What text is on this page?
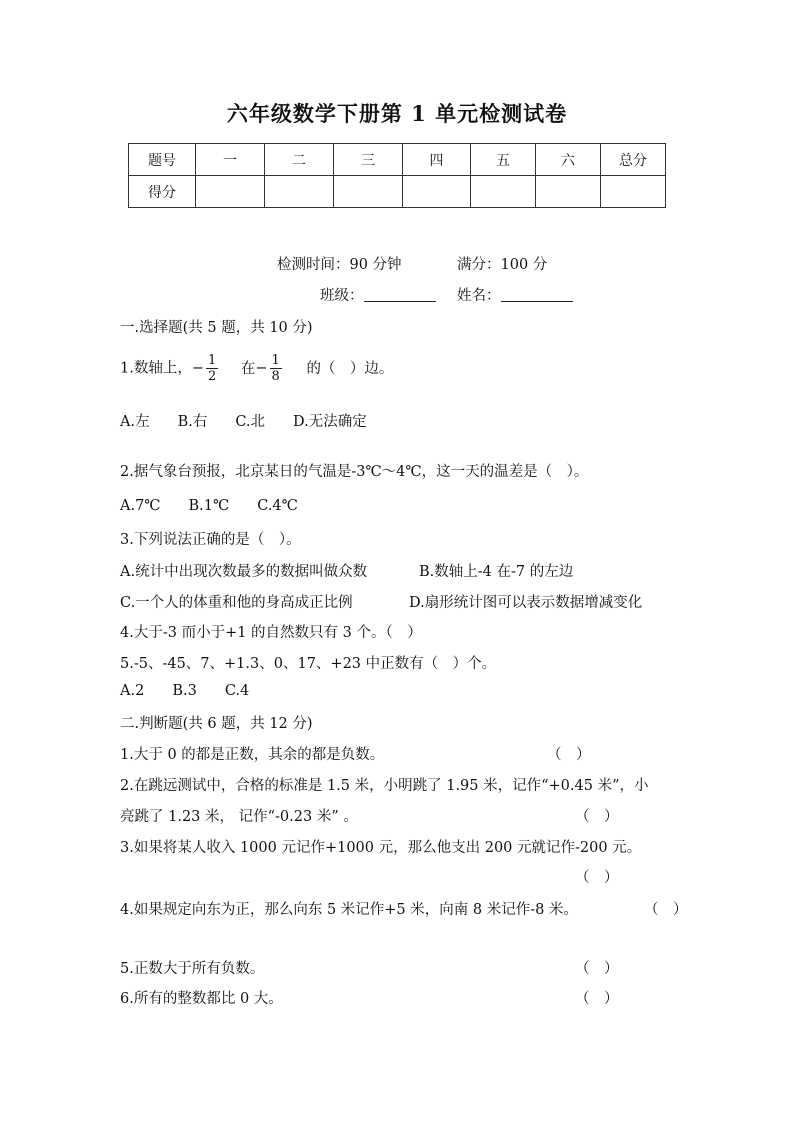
六年级数学下册第 1 单元检测试卷
题号	一	二	三	四	五	六	总分
得分							
检测时间：90 分钟	满分：100 分
班级：	姓名：
一.选择题(共 5 题，共 10 分)
1.数轴上，− $\frac{1}{2}$ 在− $\frac{1}{8}$ 的（　）边。
A.左 B.右 C.北 D.无法确定
2.据气象台预报，北京某日的气温是-3℃～4℃，这一天的温差是（　）。
A.7℃ B.1℃ C.4℃
3.下列说法正确的是（　）。
A.统计中出现次数最多的数据叫做众数	B.数轴上-4 在-7 的左边
C.一个人的体重和他的身高成正比例	D.扇形统计图可以表示数据增减变化
4.大于-3 而小于+1 的自然数只有 3 个。（　）
5.-5、-45、7、+1.3、0、17、+23 中正数有（　）个。
A.2 B.3 C.4
二.判断题(共 6 题，共 12 分)
1.大于 0 的都是正数，其余的都是负数。	（　）
2.在跳远测试中，合格的标准是 1.5 米，小明跳了 1.95 米，记作“+0.45 米”，小
亮跳了 1.23 米， 记作“-0.23 米” 。	（　）
3.如果将某人收入 1000 元记作+1000 元，那么他支出 200 元就记作-200 元。
（　）
4.如果规定向东为正，那么向东 5 米记作+5 米，向南 8 米记作-8 米。	（　）
5.正数大于所有负数。	（　）
6.所有的整数都比 0 大。	（　）
